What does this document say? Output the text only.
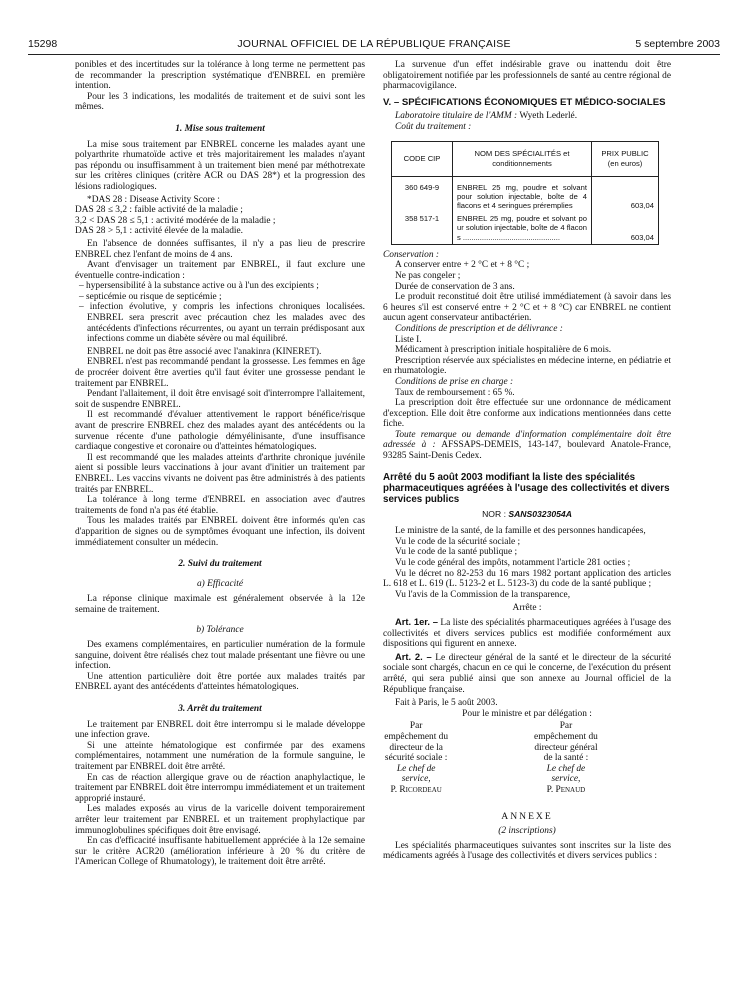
15298	JOURNAL OFFICIEL DE LA RÉPUBLIQUE FRANÇAISE	5 septembre 2003

ponibles et des incertitudes sur la tolérance à long terme ne permettent pas de recommander la prescription systématique d'ENBREL en première intention.

Pour les 3 indications, les modalités de traitement et de suivi sont les mêmes.

1. Mise sous traitement

La mise sous traitement par ENBREL concerne les malades ayant une polyarthrite rhumatoïde active et très majoritairement les malades n'ayant pas répondu ou insuffisamment à un traitement bien mené par méthotrexate sur les critères cliniques (critère ACR ou DAS 28*) et la progression des lésions radiologiques.

*DAS 28 : Disease Activity Score :

DAS 28 ≤ 3,2 : faible activité de la maladie ;

3,2 < DAS 28 ≤ 5,1 : activité modérée de la maladie ;

DAS 28 > 5,1 : activité élevée de la maladie.

En l'absence de données suffisantes, il n'y a pas lieu de prescrire ENBREL chez l'enfant de moins de 4 ans.

Avant d'envisager un traitement par ENBREL, il faut exclure une éventuelle contre-indication :

– hypersensibilité à la substance active ou à l'un des excipients ;
– septicémie ou risque de septicémie ;
– infection évolutive, y compris les infections chroniques localisées. ENBREL sera prescrit avec précaution chez les malades avec des antécédents d'infections récurrentes, ou ayant un terrain prédisposant aux infections comme un diabète sévère ou mal équilibré.

ENBREL ne doit pas être associé avec l'anakinra (KINERET).

ENBREL n'est pas recommandé pendant la grossesse. Les femmes en âge de procréer doivent être averties qu'il faut éviter une grossesse pendant le traitement par ENBREL.

Pendant l'allaitement, il doit être envisagé soit d'interrompre l'allaitement, soit de suspendre ENBREL.

Il est recommandé d'évaluer attentivement le rapport bénéfice/risque avant de prescrire ENBREL chez des malades ayant des antécédents ou la survenue récente d'une pathologie démyélinisante, d'une insuffisance cardiaque congestive et coronaire ou d'atteintes hématologiques.

Il est recommandé que les malades atteints d'arthrite chronique juvénile aient si possible leurs vaccinations à jour avant d'initier un traitement par ENBREL. Les vaccins vivants ne doivent pas être administrés à des patients traités par ENBREL.

La tolérance à long terme d'ENBREL en association avec d'autres traitements de fond n'a pas été établie.

Tous les malades traités par ENBREL doivent être informés qu'en cas d'apparition de signes ou de symptômes évoquant une infection, ils doivent immédiatement consulter un médecin.

2. Suivi du traitement
a) Efficacité

La réponse clinique maximale est généralement observée à la 12e semaine de traitement.

b) Tolérance

Des examens complémentaires, en particulier numération de la formule sanguine, doivent être réalisés chez tout malade présentant une fièvre ou une infection.

Une attention particulière doit être portée aux malades traités par ENBREL ayant des antécédents d'atteintes hématologiques.

3. Arrêt du traitement

Le traitement par ENBREL doit être interrompu si le malade développe une infection grave.

Si une atteinte hématologique est confirmée par des examens complémentaires, notamment une numération de la formule sanguine, le traitement par ENBREL doit être arrêté.

En cas de réaction allergique grave ou de réaction anaphylactique, le traitement par ENBREL doit être interrompu immédiatement et un traitement approprié instauré.

Les malades exposés au virus de la varicelle doivent temporairement arrêter leur traitement par ENBREL et un traitement prophylactique par immunoglobulines spécifiques doit être envisagé.

En cas d'efficacité insuffisante habituellement appréciée à la 12e semaine sur le critère ACR20 (amélioration inférieure à 20 % du critère de l'American College of Rhumatology), le traitement doit être arrêté.

La survenue d'un effet indésirable grave ou inattendu doit être obligatoirement notifiée par les professionnels de santé au centre régional de pharmacovigilance.

V. – SPÉCIFICATIONS ÉCONOMIQUES ET MÉDICO-SOCIALES

Laboratoire titulaire de l'AMM : Wyeth Lederlé.

Coût du traitement :

CODE CIP	NOM DES SPÉCIALITÉS et conditionnements	PRIX PUBLIC (en euros)
360 649-9	ENBREL 25 mg, poudre et solvant pour solution injectable, boîte de 4 flacons et 4 seringues préremplies	603,04
358 517-1	ENBREL 25 mg, poudre et solvant pour solution injectable, boîte de 4 flacons ..............................................	603,04

Conservation :

A conserver entre + 2 °C et + 8 °C ;

Ne pas congeler ;

Durée de conservation de 3 ans.

Le produit reconstitué doit être utilisé immédiatement (à savoir dans les 6 heures s'il est conservé entre + 2 °C et + 8 °C) car ENBREL ne contient aucun agent conservateur antibactérien.

Conditions de prescription et de délivrance :

Liste I.

Médicament à prescription initiale hospitalière de 6 mois.

Prescription réservée aux spécialistes en médecine interne, en pédiatrie et en rhumatologie.

Conditions de prise en charge :

Taux de remboursement : 65 %.

La prescription doit être effectuée sur une ordonnance de médicament d'exception. Elle doit être conforme aux indications mentionnées dans cette fiche.

Toute remarque ou demande d'information complémentaire doit être adressée à : AFSSAPS-DEMEIS, 143-147, boulevard Anatole-France, 93285 Saint-Denis Cedex.

Arrêté du 5 août 2003 modifiant la liste des spécialités pharmaceutiques agréées à l'usage des collectivités et divers services publics
NOR : SANS0323054A

Le ministre de la santé, de la famille et des personnes handicapées,

Vu le code de la sécurité sociale ;

Vu le code de la santé publique ;

Vu le code général des impôts, notamment l'article 281 octies ;

Vu le décret no 82-253 du 16 mars 1982 portant application des articles L. 618 et L. 619 (L. 5123-2 et L. 5123-3) du code de la santé publique ;

Vu l'avis de la Commission de la transparence,

Arrête :

Art. 1er. – La liste des spécialités pharmaceutiques agréées à l'usage des collectivités et divers services publics est modifiée conformément aux dispositions qui figurent en annexe.

Art. 2. – Le directeur général de la santé et le directeur de la sécurité sociale sont chargés, chacun en ce qui le concerne, de l'exécution du présent arrêté, qui sera publié ainsi que son annexe au Journal officiel de la République française.

Fait à Paris, le 5 août 2003.

Pour le ministre et par délégation :

Par empêchement du directeur de la sécurité sociale :
Le chef de service,
P. Ricordeau
Par empêchement du directeur général de la santé :
Le chef de service,
P. Penaud
ANNEXE
(2 inscriptions)

Les spécialités pharmaceutiques suivantes sont inscrites sur la liste des médicaments agréés à l'usage des collectivités et divers services publics :
